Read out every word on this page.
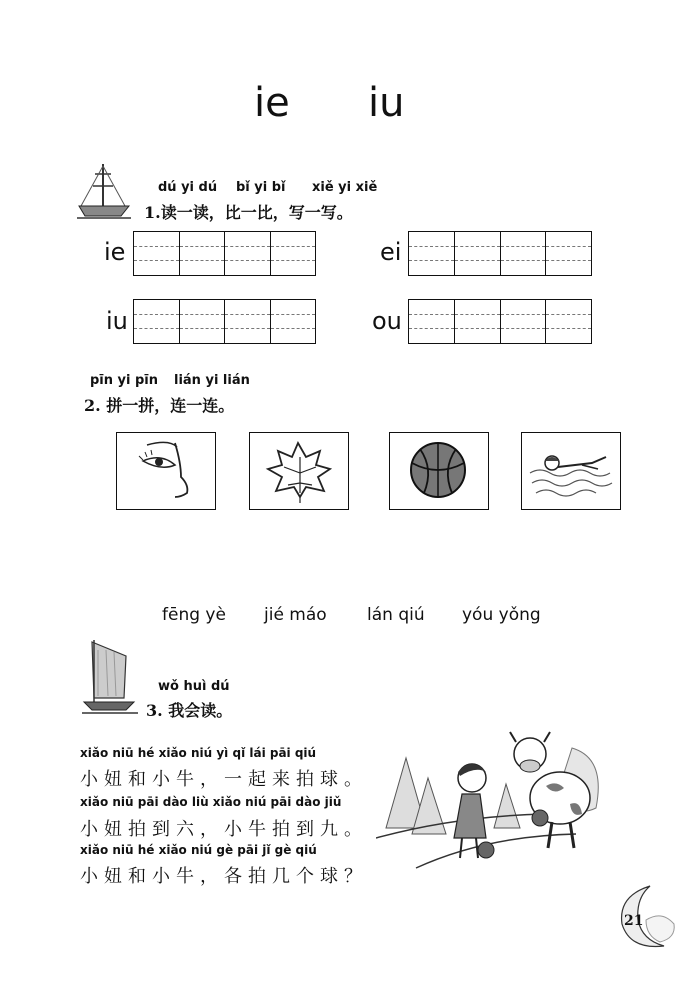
ie iu
dú yi dú bǐ yi bǐ xiě yi xiě
1.读一读，比一比，写一写。
ie	ei
iu	ou
pīn yi pīn lián yi lián
2. 拼一拼，连一连。
fēng yè jié máo lán qiú yóu yǒng
wǒ huì dú
3. 我会读。
xiǎo niū hé xiǎo niú yì qǐ lái pāi qiú
小妞和小牛，一起来拍球。
xiǎo niū pāi dào liù xiǎo niú pāi dào jiǔ
小妞拍到六，小牛拍到九。
xiǎo niū hé xiǎo niú gè pāi jǐ gè qiú
小妞和小牛，各拍几个球？
21
